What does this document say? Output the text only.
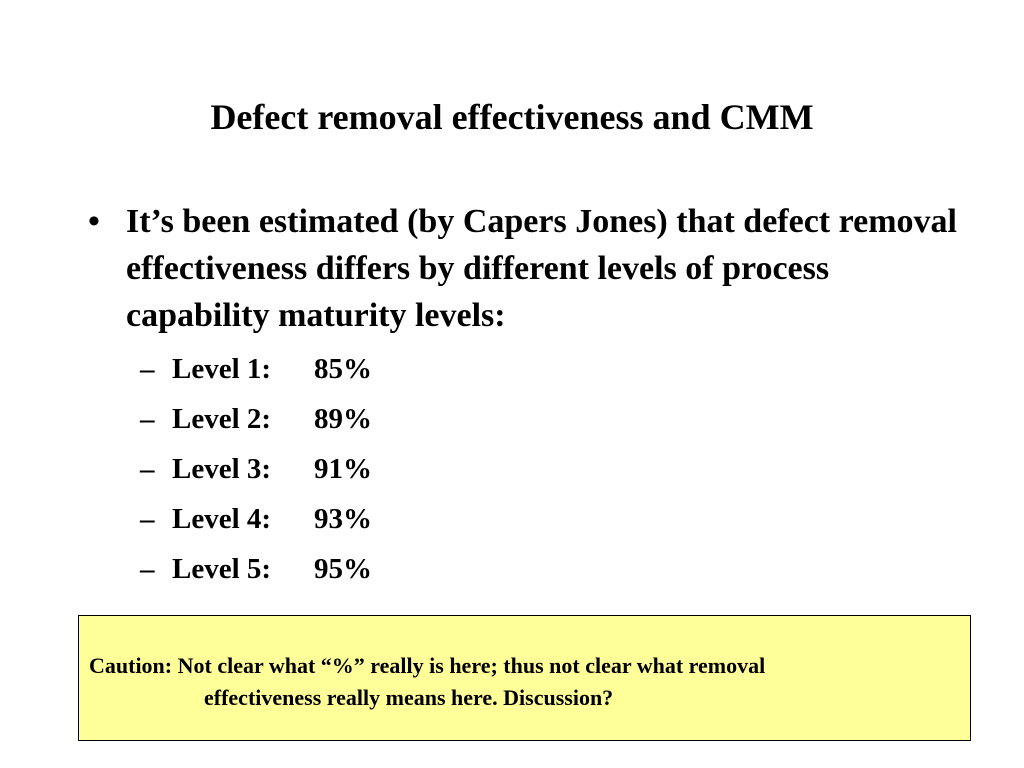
Defect removal effectiveness and CMM
• It’s been estimated (by Capers Jones) that defect removal effectiveness differs by different levels of process capability maturity levels:
– Level 1: 85%
– Level 2: 89%
– Level 3: 91%
– Level 4: 93%
– Level 5: 95%
Caution: Not clear what “%” really is here; thus not clear what removal
effectiveness really means here. Discussion?
